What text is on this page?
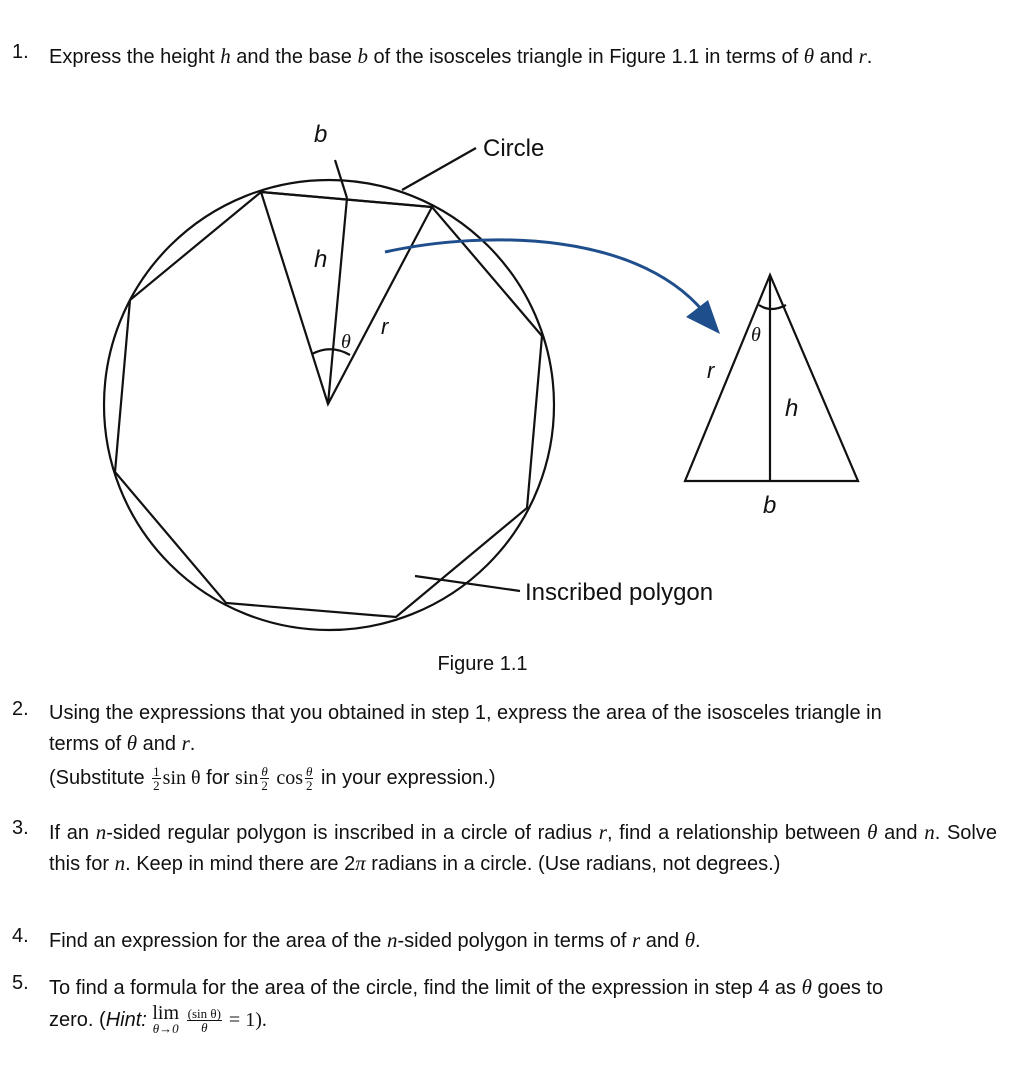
1. Express the height h and the base b of the isosceles triangle in Figure 1.1 in terms of θ and r.
b
Circle
h
θ
r	θ
r
h
b
Inscribed polygon
Figure 1.1
2. Using the expressions that you obtained in step 1, express the area of the isosceles triangle in
terms of θ and r.
(Substitute $\frac{1}{2}$ sin θ for $\sin \frac{\theta}{2}$ $\cos \frac{\theta}{2}$ in your expression.)
3. If an n-sided regular polygon is inscribed in a circle of radius r, find a relationship between θ and n. Solve this for n. Keep in mind there are 2π radians in a circle. (Use radians, not degrees.)
4. Find an expression for the area of the n-sided polygon in terms of r and θ.
5. To find a formula for the area of the circle, find the limit of the expression in step 4 as θ goes to
zero. (Hint: lim
θ→0
$\frac{\text{(sin θ)}}{\theta} = 1$).
